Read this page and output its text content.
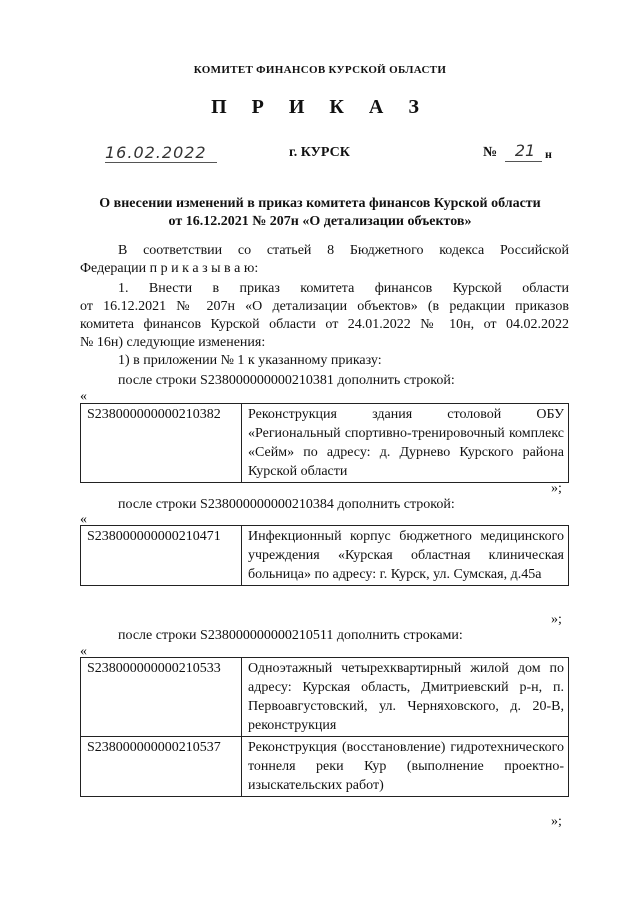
КОМИТЕТ ФИНАНСОВ КУРСКОЙ ОБЛАСТИ
П Р И К А З
16.02.2022	г. КУРСК	№	21 н
О внесении изменений в приказ комитета финансов Курской области
от 16.12.2021 № 207н «О детализации объектов»
В соответствии со статьей 8 Бюджетного кодекса Российской
Федерации п р и к а з ы в а ю:
1. Внести в приказ комитета финансов Курской области
от 16.12.2021 № 207н «О детализации объектов» (в редакции приказов
комитета финансов Курской области от 24.01.2022 № 10н, от 04.02.2022
№ 16н) следующие изменения:
1) в приложении № 1 к указанному приказу:
после строки S238000000000210381 дополнить строкой:
«
S238000000000210382	Реконструкция здания столовой ОБУ «Региональный спортивно-тренировочный комплекс «Сейм» по адресу: д. Дурнево Курского района Курской области
»;
после строки S238000000000210384 дополнить строкой:
«
S238000000000210471	Инфекционный корпус бюджетного медицинского учреждения «Курская областная клиническая больница» по адресу: г. Курск, ул. Сумская, д.45а
»;
после строки S238000000000210511 дополнить строками:
«
S238000000000210533	Одноэтажный четырехквартирный жилой дом по адресу: Курская область, Дмитриевский р-н, п. Первоавгустовский, ул. Черняховского, д. 20-В, реконструкция
S238000000000210537	Реконструкция (восстановление) гидротехнического тоннеля реки Кур (выполнение проектно-изыскательских работ)
»;
